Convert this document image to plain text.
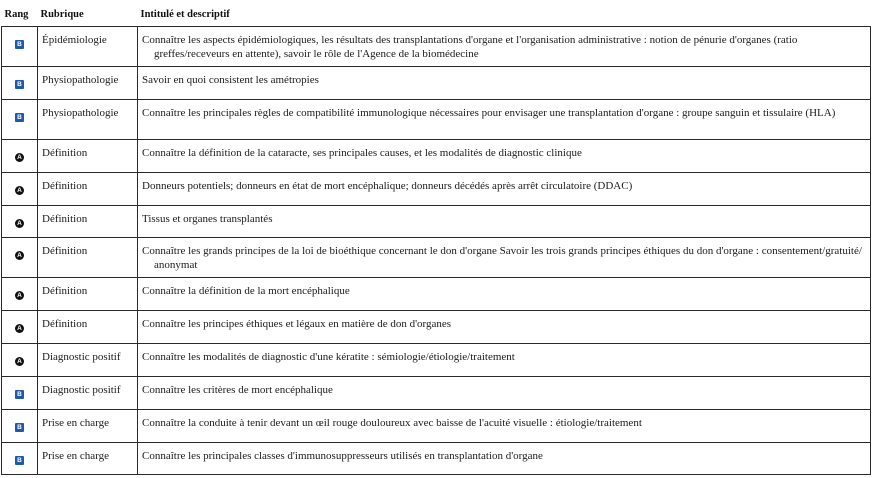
Rang	Rubrique	Intitulé et descriptif
B	Épidémiologie	Connaître les aspects épidémiologiques, les résultats des transplantations d'organe et l'organisation administrative : notion de pénurie d'organes (ratio greffes/receveurs en attente), savoir le rôle de l'Agence de la biomédecine

B	Physiopathologie	Savoir en quoi consistent les amétropies

B	Physiopathologie	Connaître les principales règles de compatibilité immunologique nécessaires pour envisager une transplantation d'organe : groupe sanguin et tissulaire (HLA)

A	Définition	Connaître la définition de la cataracte, ses principales causes, et les modalités de diagnostic clinique

A	Définition	Donneurs potentiels; donneurs en état de mort encéphalique; donneurs décédés après arrêt circulatoire (DDAC)

A	Définition	Tissus et organes transplantés

A	Définition	Connaître les grands principes de la loi de bioéthique concernant le don d'organe Savoir les trois grands principes éthiques du don d'organe : consentement/gratuité/ anonymat

A	Définition	Connaître la définition de la mort encéphalique

A	Définition	Connaître les principes éthiques et légaux en matière de don d'organes

A	Diagnostic positif	Connaître les modalités de diagnostic d'une kératite : sémiologie/étiologie/traitement

B	Diagnostic positif	Connaître les critères de mort encéphalique

B	Prise en charge	Connaître la conduite à tenir devant un œil rouge douloureux avec baisse de l'acuité visuelle : étiologie/traitement

B	Prise en charge	Connaître les principales classes d'immunosuppresseurs utilisés en transplantation d'organe
